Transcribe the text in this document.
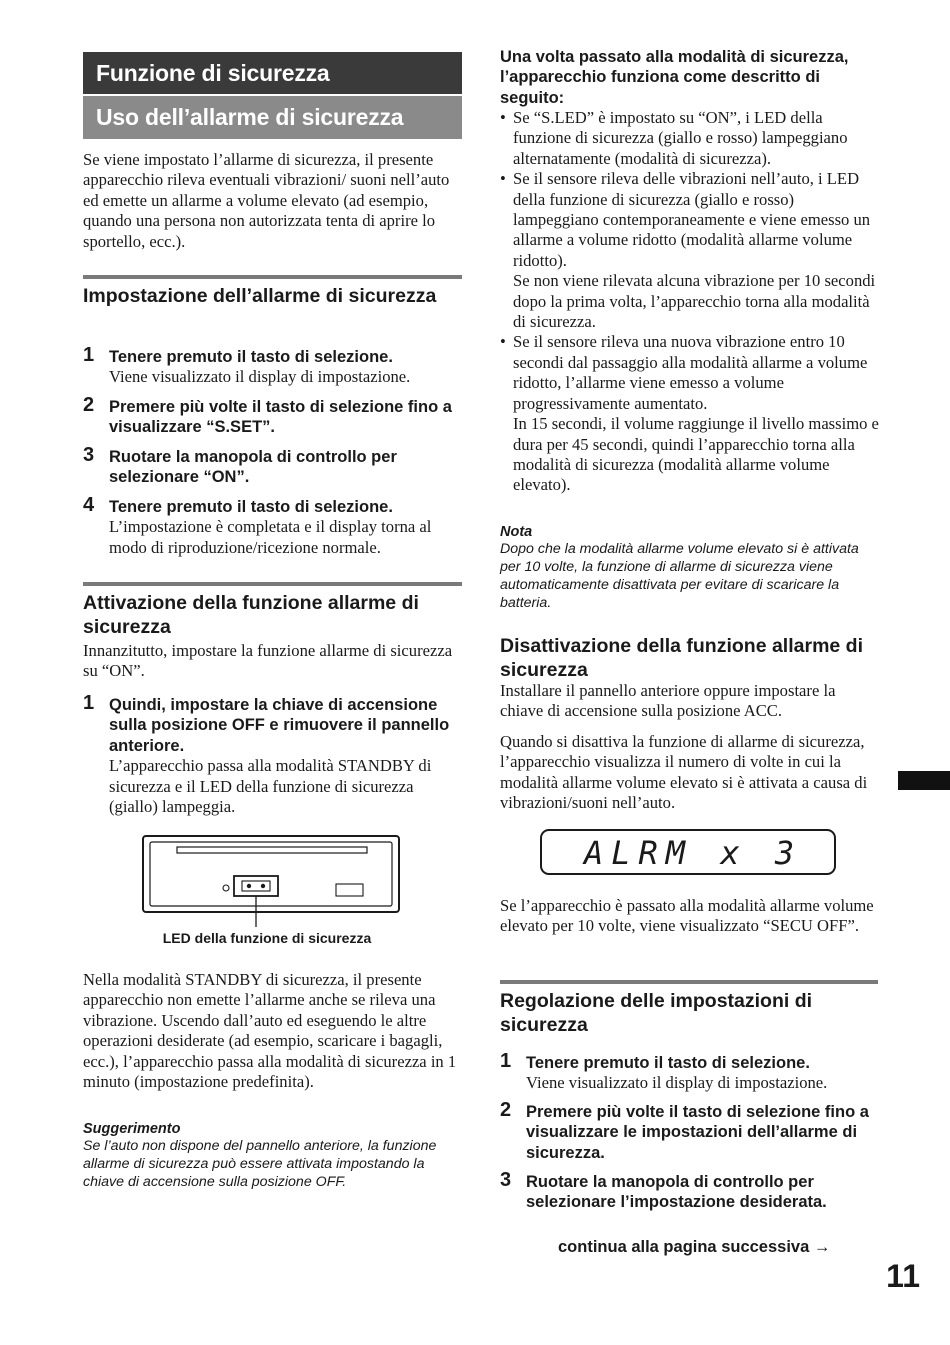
Funzione di sicurezza
Uso dell’allarme di sicurezza

Se viene impostato l’allarme di sicurezza, il presente apparecchio rileva eventuali vibrazioni/ suoni nell’auto ed emette un allarme a volume elevato (ad esempio, quando una persona non autorizzata tenta di aprire lo sportello, ecc.).

Impostazione dell’allarme di sicurezza
1 Tenere premuto il tasto di selezione.
Viene visualizzato il display di impostazione.
2 Premere più volte il tasto di selezione fino a visualizzare “S.SET”.
3 Ruotare la manopola di controllo per selezionare “ON”.
4 Tenere premuto il tasto di selezione.
L’impostazione è completata e il display torna al modo di riproduzione/ricezione normale.
Attivazione della funzione allarme di sicurezza

Innanzitutto, impostare la funzione allarme di sicurezza su “ON”.

1 Quindi, impostare la chiave di accensione sulla posizione OFF e rimuovere il pannello anteriore.
L’apparecchio passa alla modalità STANDBY di sicurezza e il LED della funzione di sicurezza (giallo) lampeggia.
LED della funzione di sicurezza

Nella modalità STANDBY di sicurezza, il presente apparecchio non emette l’allarme anche se rileva una vibrazione. Uscendo dall’auto ed eseguendo le altre operazioni desiderate (ad esempio, scaricare i bagagli, ecc.), l’apparecchio passa alla modalità di sicurezza in 1 minuto (impostazione predefinita).

Suggerimento
Se l’auto non dispone del pannello anteriore, la funzione allarme di sicurezza può essere attivata impostando la chiave di accensione sulla posizione OFF.
Una volta passato alla modalità di sicurezza, l’apparecchio funziona come descritto di seguito:
• Se “S.LED” è impostato su “ON”, i LED della funzione di sicurezza (giallo e rosso) lampeggiano alternatamente (modalità di sicurezza).
• Se il sensore rileva delle vibrazioni nell’auto, i LED della funzione di sicurezza (giallo e rosso) lampeggiano contemporaneamente e viene emesso un allarme a volume ridotto (modalità allarme volume ridotto).
Se non viene rilevata alcuna vibrazione per 10 secondi dopo la prima volta, l’apparecchio torna alla modalità di sicurezza.
• Se il sensore rileva una nuova vibrazione entro 10 secondi dal passaggio alla modalità allarme a volume ridotto, l’allarme viene emesso a volume progressivamente aumentato.
In 15 secondi, il volume raggiunge il livello massimo e dura per 45 secondi, quindi l’apparecchio torna alla modalità di sicurezza (modalità allarme volume elevato).
Nota
Dopo che la modalità allarme volume elevato si è attivata per 10 volte, la funzione di allarme di sicurezza viene automaticamente disattivata per evitare di scaricare la batteria.
Disattivazione della funzione allarme di sicurezza

Installare il pannello anteriore oppure impostare la chiave di accensione sulla posizione ACC.

Quando si disattiva la funzione di allarme di sicurezza, l’apparecchio visualizza il numero di volte in cui la modalità allarme volume elevato si è attivata a causa di vibrazioni/suoni nell’auto.

ALRM x 3

Se l’apparecchio è passato alla modalità allarme volume elevato per 10 volte, viene visualizzato “SECU OFF”.

Regolazione delle impostazioni di sicurezza
1 Tenere premuto il tasto di selezione.
Viene visualizzato il display di impostazione.
2 Premere più volte il tasto di selezione fino a visualizzare le impostazioni dell’allarme di sicurezza.
3 Ruotare la manopola di controllo per selezionare l’impostazione desiderata.
continua alla pagina successiva →
11
